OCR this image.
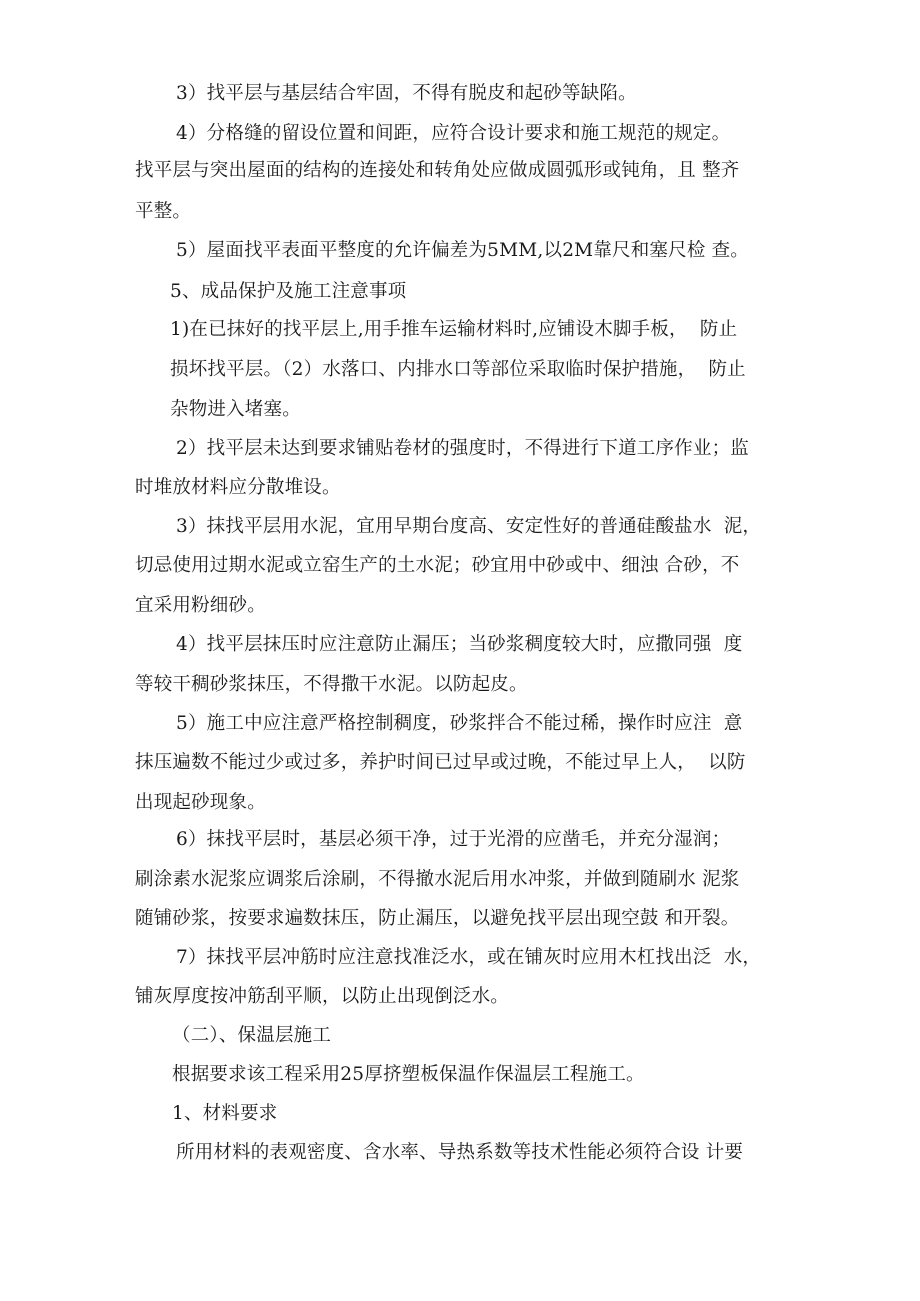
3）找平层与基层结合牢固，不得有脱皮和起砂等缺陷。
4）分格缝的留设位置和间距，应符合设计要求和施工规范的规定。
找平层与突出屋面的结构的连接处和转角处应做成圆弧形或钝角，且 整齐
平整。
5）屋面找平表面平整度的允许偏差为5MM,以2M靠尺和塞尺检 查。
5、成品保护及施工注意事项
1)在已抹好的找平层上,用手推车运输材料时,应铺设木脚手板，  防止
损坏找平层。（2）水落口、内排水口等部位采取临时保护措施，  防止
杂物进入堵塞。
2）找平层未达到要求铺贴卷材的强度时，不得进行下道工序作业；监
时堆放材料应分散堆设。
3）抹找平层用水泥，宜用早期台度高、安定性好的普通硅酸盐水  泥，
切忌使用过期水泥或立窑生产的土水泥；砂宜用中砂或中、细浊 合砂，不
宜采用粉细砂。
4）找平层抹压时应注意防止漏压；当砂浆稠度较大时，应撒同强  度
等较干稠砂浆抹压，不得撒干水泥。以防起皮。
5）施工中应注意严格控制稠度，砂浆拌合不能过稀，操作时应注  意
抹压遍数不能过少或过多，养护时间已过早或过晚，不能过早上人，  以防
出现起砂现象。
6）抹找平层时，基层必须干净，过于光滑的应凿毛，并充分湿润；
刷涂素水泥浆应调浆后涂刷，不得撤水泥后用水冲浆，并做到随刷水 泥浆
随铺砂浆，按要求遍数抹压，防止漏压，以避免找平层出现空鼓 和开裂。
7）抹找平层冲筋时应注意找准泛水，或在铺灰时应用木杠找出泛  水，
铺灰厚度按冲筋刮平顺，以防止出现倒泛水。
（二）、保温层施工
根据要求该工程采用25厚挤塑板保温作保温层工程施工。
1、材料要求
所用材料的表观密度、含水率、导热系数等技术性能必须符合设 计要
